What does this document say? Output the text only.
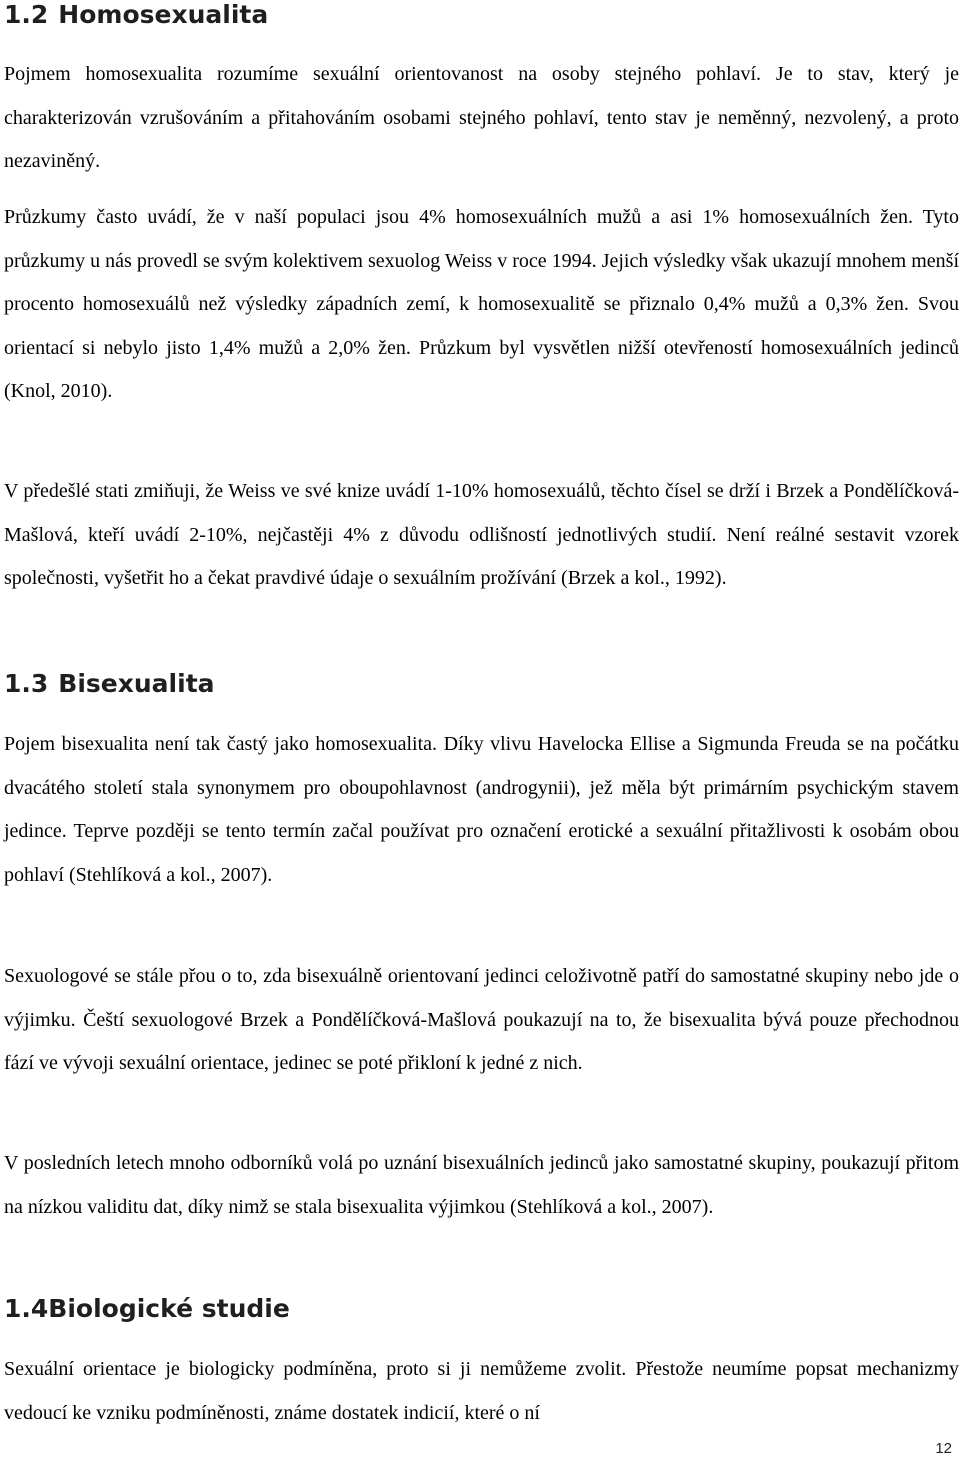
1.2 Homosexualita

Pojmem homosexualita rozumíme sexuální orientovanost na osoby stejného pohlaví. Je to stav, který je charakterizován vzrušováním a přitahováním osobami stejného pohlaví, tento stav je neměnný, nezvolený, a proto nezaviněný.

Průzkumy často uvádí, že v naší populaci jsou 4% homosexuálních mužů a asi 1% homosexuálních žen. Tyto průzkumy u nás provedl se svým kolektivem sexuolog Weiss v roce 1994. Jejich výsledky však ukazují mnohem menší procento homosexuálů než výsledky západních zemí, k homosexualitě se přiznalo 0,4% mužů a 0,3% žen. Svou orientací si nebylo jisto 1,4% mužů a 2,0% žen. Průzkum byl vysvětlen nižší otevřeností homosexuálních jedinců (Knol, 2010).

V předešlé stati zmiňuji, že Weiss ve své knize uvádí 1-10% homosexuálů, těchto čísel se drží i Brzek a Pondělíčková-Mašlová, kteří uvádí 2-10%, nejčastěji 4% z důvodu odlišností jednotlivých studií. Není reálné sestavit vzorek společnosti, vyšetřit ho a čekat pravdivé údaje o sexuálním prožívání (Brzek a kol., 1992).

1.3 Bisexualita

Pojem bisexualita není tak častý jako homosexualita. Díky vlivu Havelocka Ellise a Sigmunda Freuda se na počátku dvacátého století stala synonymem pro oboupohlavnost (androgynii), jež měla být primárním psychickým stavem jedince. Teprve později se tento termín začal používat pro označení erotické a sexuální přitažlivosti k osobám obou pohlaví (Stehlíková a kol., 2007).

Sexuologové se stále přou o to, zda bisexuálně orientovaní jedinci celoživotně patří do samostatné skupiny nebo jde o výjimku. Čeští sexuologové Brzek a Pondělíčková-Mašlová poukazují na to, že bisexualita bývá pouze přechodnou fází ve vývoji sexuální orientace, jedinec se poté přikloní k jedné z nich.

V posledních letech mnoho odborníků volá po uznání bisexuálních jedinců jako samostatné skupiny, poukazují přitom na nízkou validitu dat, díky nimž se stala bisexualita výjimkou (Stehlíková a kol., 2007).

1.4Biologické studie

Sexuální orientace je biologicky podmíněna, proto si ji nemůžeme zvolit. Přestože neumíme popsat mechanizmy vedoucí ke vzniku podmíněnosti, známe dostatek indicií, které o ní

12
